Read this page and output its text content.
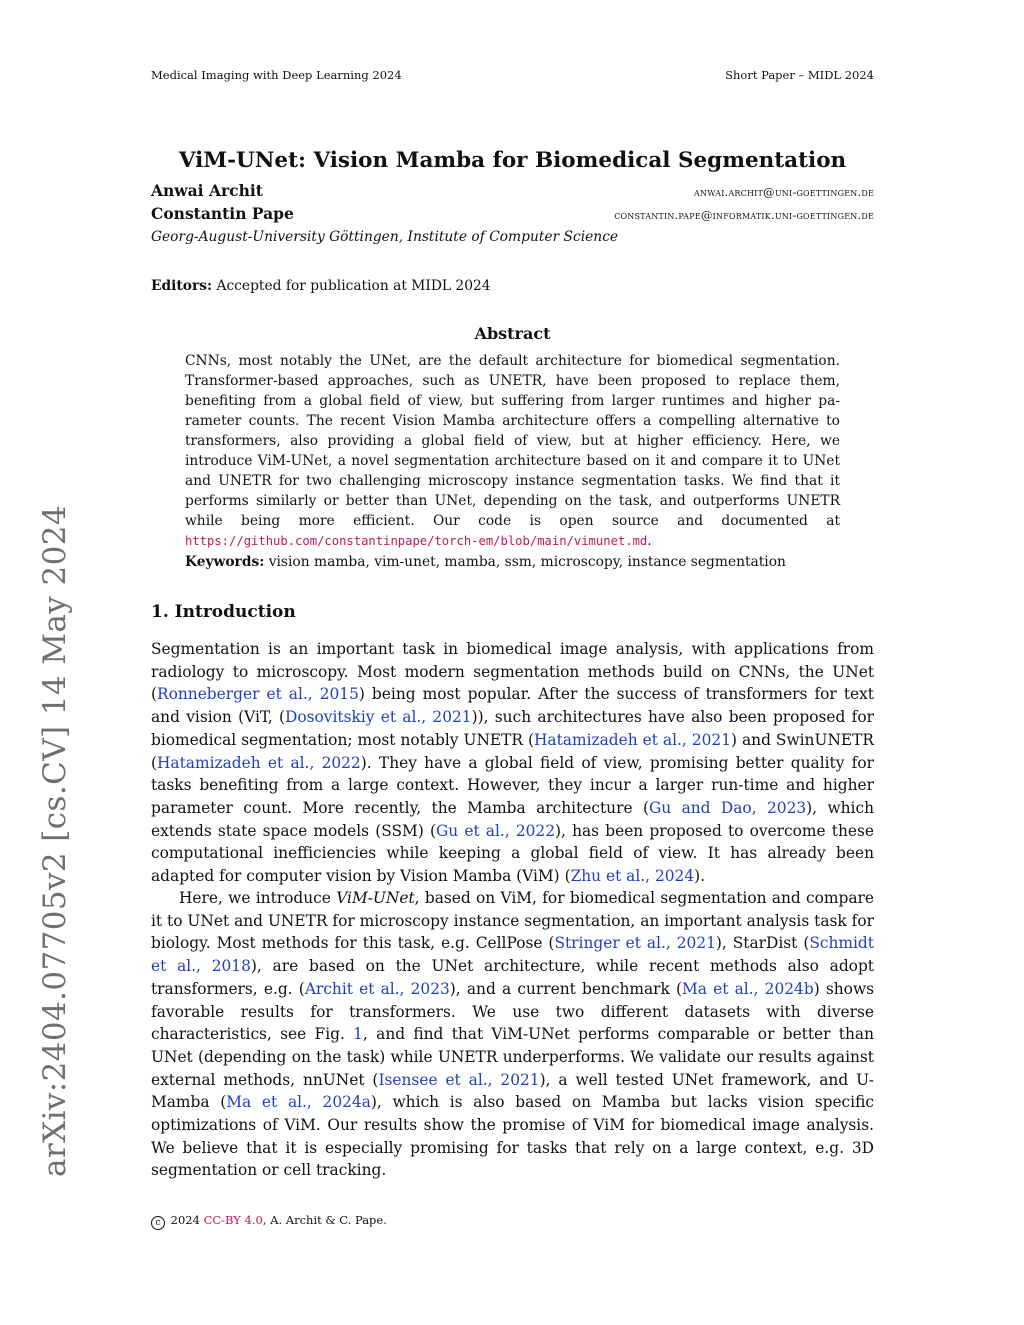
Medical Imaging with Deep Learning 2024	Short Paper – MIDL 2024
arXiv:2404.07705v2 [cs.CV] 14 May 2024
ViM-UNet: Vision Mamba for Biomedical Segmentation
Anwai Archit	anwai.archit@uni-goettingen.de
Constantin Pape	constantin.pape@informatik.uni-goettingen.de
Georg-August-University Göttingen, Institute of Computer Science
Editors: Accepted for publication at MIDL 2024
Abstract
CNNs, most notably the UNet, are the default architecture for biomedical segmentation. Transformer-based approaches, such as UNETR, have been proposed to replace them, benefiting from a global field of view, but suffering from larger runtimes and higher parameter counts. The recent Vision Mamba architecture offers a compelling alternative to transformers, also providing a global field of view, but at higher efficiency. Here, we introduce ViM-UNet, a novel segmentation architecture based on it and compare it to UNet and UNETR for two challenging microscopy instance segmentation tasks. We find that it performs similarly or better than UNet, depending on the task, and outperforms UNETR while being more efficient. Our code is open source and documented at https://github.com/constantinpape/torch-em/blob/main/vimunet.md.
Keywords: vision mamba, vim-unet, mamba, ssm, microscopy, instance segmentation
1. Introduction

Segmentation is an important task in biomedical image analysis, with applications from radiology to microscopy. Most modern segmentation methods build on CNNs, the UNet (Ronneberger et al., 2015) being most popular. After the success of transformers for text and vision (ViT, (Dosovitskiy et al., 2021)), such architectures have also been proposed for biomedical segmentation; most notably UNETR (Hatamizadeh et al., 2021) and SwinUNETR (Hatamizadeh et al., 2022). They have a global field of view, promising better quality for tasks benefiting from a large context. However, they incur a larger run-time and higher parameter count. More recently, the Mamba architecture (Gu and Dao, 2023), which extends state space models (SSM) (Gu et al., 2022), has been proposed to overcome these computational inefficiencies while keeping a global field of view. It has already been adapted for computer vision by Vision Mamba (ViM) (Zhu et al., 2024).

Here, we introduce ViM-UNet, based on ViM, for biomedical segmentation and compare it to UNet and UNETR for microscopy instance segmentation, an important analysis task for biology. Most methods for this task, e.g. CellPose (Stringer et al., 2021), StarDist (Schmidt et al., 2018), are based on the UNet architecture, while recent methods also adopt transformers, e.g. (Archit et al., 2023), and a current benchmark (Ma et al., 2024b) shows favorable results for transformers. We use two different datasets with diverse characteristics, see Fig. 1, and find that ViM-UNet performs comparable or better than UNet (depending on the task) while UNETR underperforms. We validate our results against external methods, nnUNet (Isensee et al., 2021), a well tested UNet framework, and U-Mamba (Ma et al., 2024a), which is also based on Mamba but lacks vision specific optimizations of ViM. Our results show the promise of ViM for biomedical image analysis. We believe that it is especially promising for tasks that rely on a large context, e.g. 3D segmentation or cell tracking.

c 2024 CC-BY 4.0, A. Archit & C. Pape.
